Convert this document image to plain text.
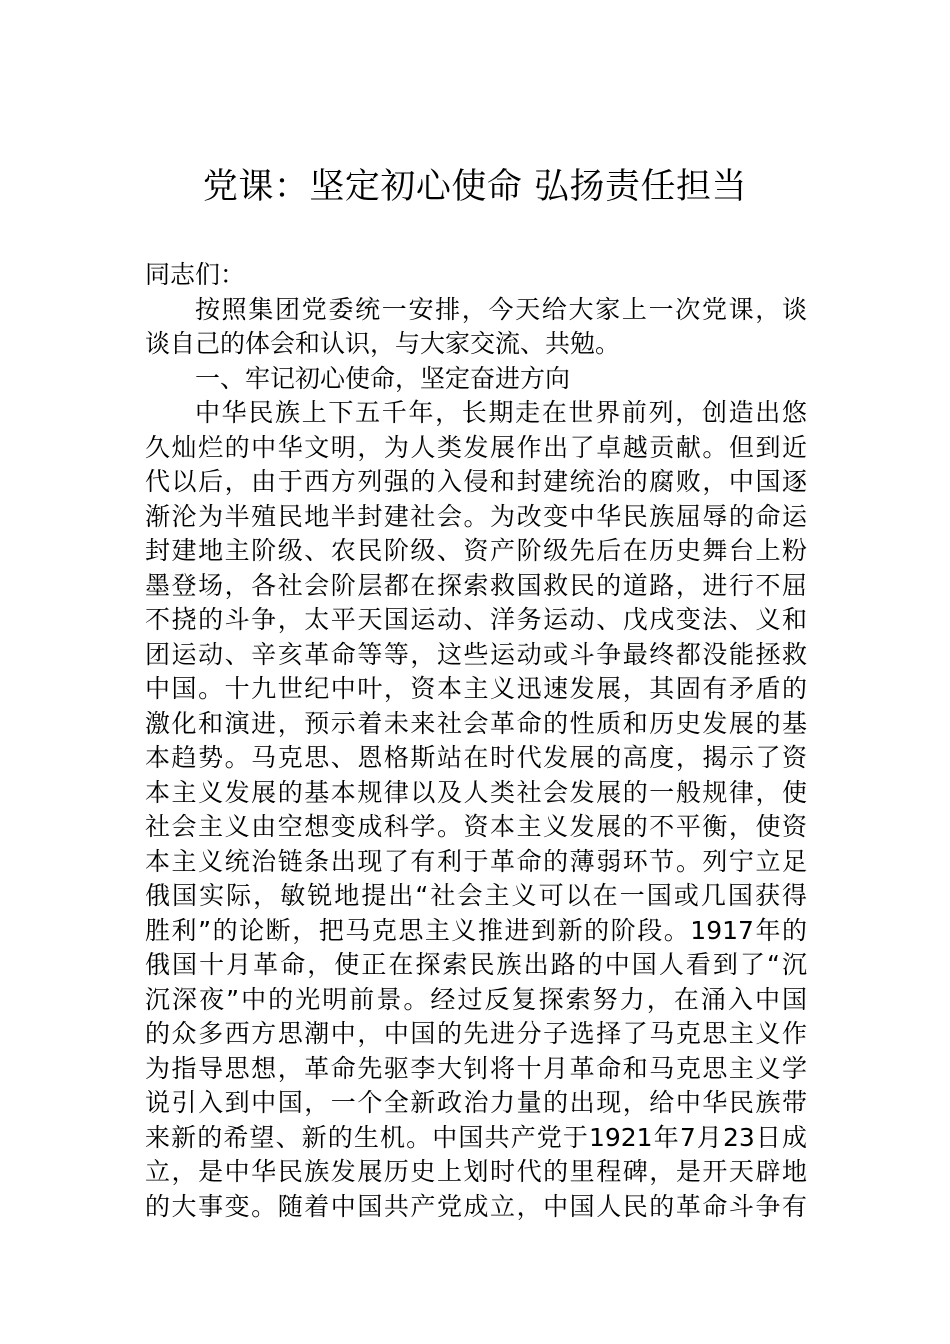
党课：坚定初心使命 弘扬责任担当

同志们：

按照集团党委统一安排，今天给大家上一次党课，谈
谈自己的体会和认识，与大家交流、共勉。

一、牢记初心使命，坚定奋进方向

中华民族上下五千年，长期走在世界前列，创造出悠
久灿烂的中华文明，为人类发展作出了卓越贡献。但到近
代以后，由于西方列强的入侵和封建统治的腐败，中国逐
渐沦为半殖民地半封建社会。为改变中华民族屈辱的命运
封建地主阶级、农民阶级、资产阶级先后在历史舞台上粉
墨登场，各社会阶层都在探索救国救民的道路，进行不屈
不挠的斗争，太平天国运动、洋务运动、戊戌变法、义和
团运动、辛亥革命等等，这些运动或斗争最终都没能拯救
中国。十九世纪中叶，资本主义迅速发展，其固有矛盾的
激化和演进，预示着未来社会革命的性质和历史发展的基
本趋势。马克思、恩格斯站在时代发展的高度，揭示了资
本主义发展的基本规律以及人类社会发展的一般规律，使
社会主义由空想变成科学。资本主义发展的不平衡，使资
本主义统治链条出现了有利于革命的薄弱环节。列宁立足
俄国实际，敏锐地提出“社会主义可以在一国或几国获得
胜利”的论断，把马克思主义推进到新的阶段。1917年的
俄国十月革命，使正在探索民族出路的中国人看到了“沉
沉深夜”中的光明前景。经过反复探索努力，在涌入中国
的众多西方思潮中，中国的先进分子选择了马克思主义作
为指导思想，革命先驱李大钊将十月革命和马克思主义学
说引入到中国，一个全新政治力量的出现，给中华民族带
来新的希望、新的生机。中国共产党于1921年7月23日成
立，是中华民族发展历史上划时代的里程碑，是开天辟地
的大事变。随着中国共产党成立，中国人民的革命斗争有
